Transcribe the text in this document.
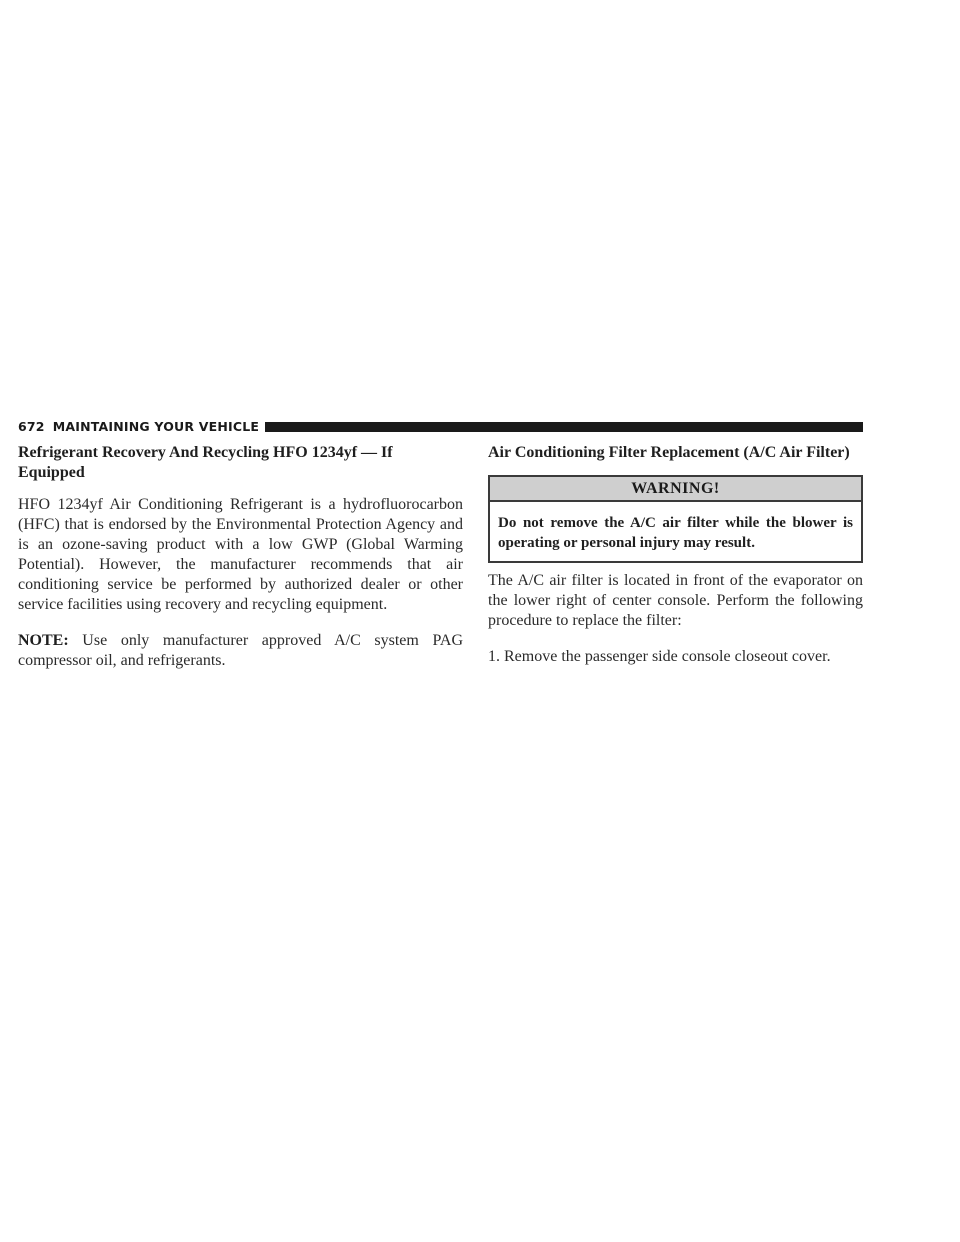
672 MAINTAINING YOUR VEHICLE
Refrigerant Recovery And Recycling HFO 1234yf — If Equipped

HFO 1234yf Air Conditioning Refrigerant is a hydrofluorocarbon (HFC) that is endorsed by the Environmental Protection Agency and is an ozone-saving product with a low GWP (Global Warming Potential). However, the manufacturer recommends that air conditioning service be performed by authorized dealer or other service facilities using recovery and recycling equipment.

NOTE: Use only manufacturer approved A/C system PAG compressor oil, and refrigerants.

Air Conditioning Filter Replacement (A/C Air Filter)
WARNING!
Do not remove the A/C air filter while the blower is operating or personal injury may result.

The A/C air filter is located in front of the evaporator on the lower right of center console. Perform the following procedure to replace the filter:

1. Remove the passenger side console closeout cover.
